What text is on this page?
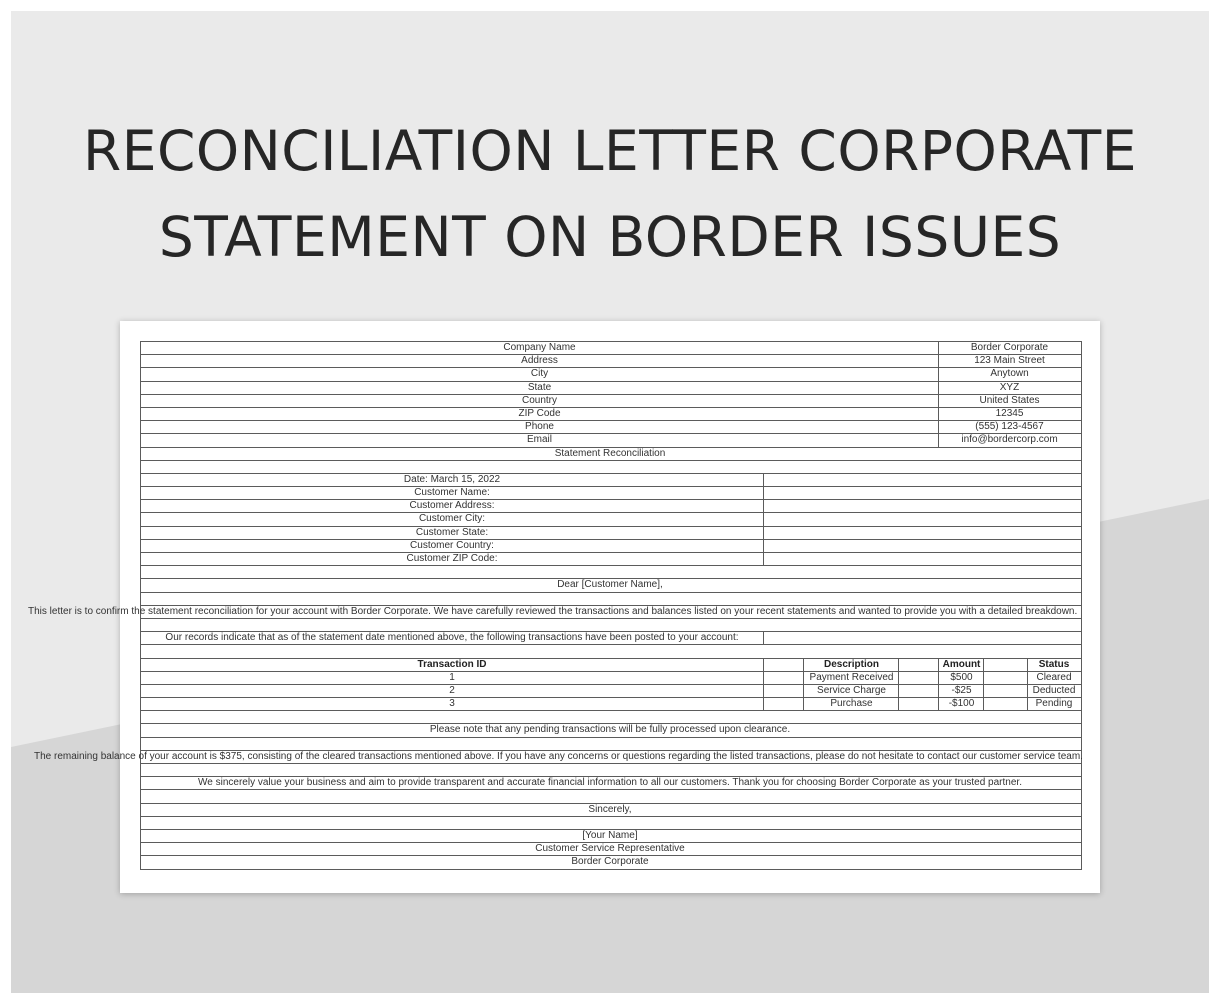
RECONCILIATION LETTER CORPORATE
STATEMENT ON BORDER ISSUES
Company Name	Border Corporate
Address	123 Main Street
City	Anytown
State	XYZ
Country	United States
ZIP Code	12345
Phone	(555) 123-4567
Email	info@bordercorp.com
Statement Reconciliation
Date: March 15, 2022
Customer Name:
Customer Address:
Customer City:
Customer State:
Customer Country:
Customer ZIP Code:
Dear [Customer Name],
This letter is to confirm the statement reconciliation for your account with Border Corporate. We have carefully reviewed the transactions and balances listed on your recent statements and wanted to provide you with a detailed breakdown.
Our records indicate that as of the statement date mentioned above, the following transactions have been posted to your account:
Transaction ID	Description	Amount	Status
1	Payment Received	$500	Cleared
2	Service Charge	-$25	Deducted
3	Purchase	-$100	Pending
Please note that any pending transactions will be fully processed upon clearance.
The remaining balance of your account is $375, consisting of the cleared transactions mentioned above. If you have any concerns or questions regarding the listed transactions, please do not hesitate to contact our customer service team.
We sincerely value your business and aim to provide transparent and accurate financial information to all our customers. Thank you for choosing Border Corporate as your trusted partner.
Sincerely,
[Your Name]
Customer Service Representative
Border Corporate
